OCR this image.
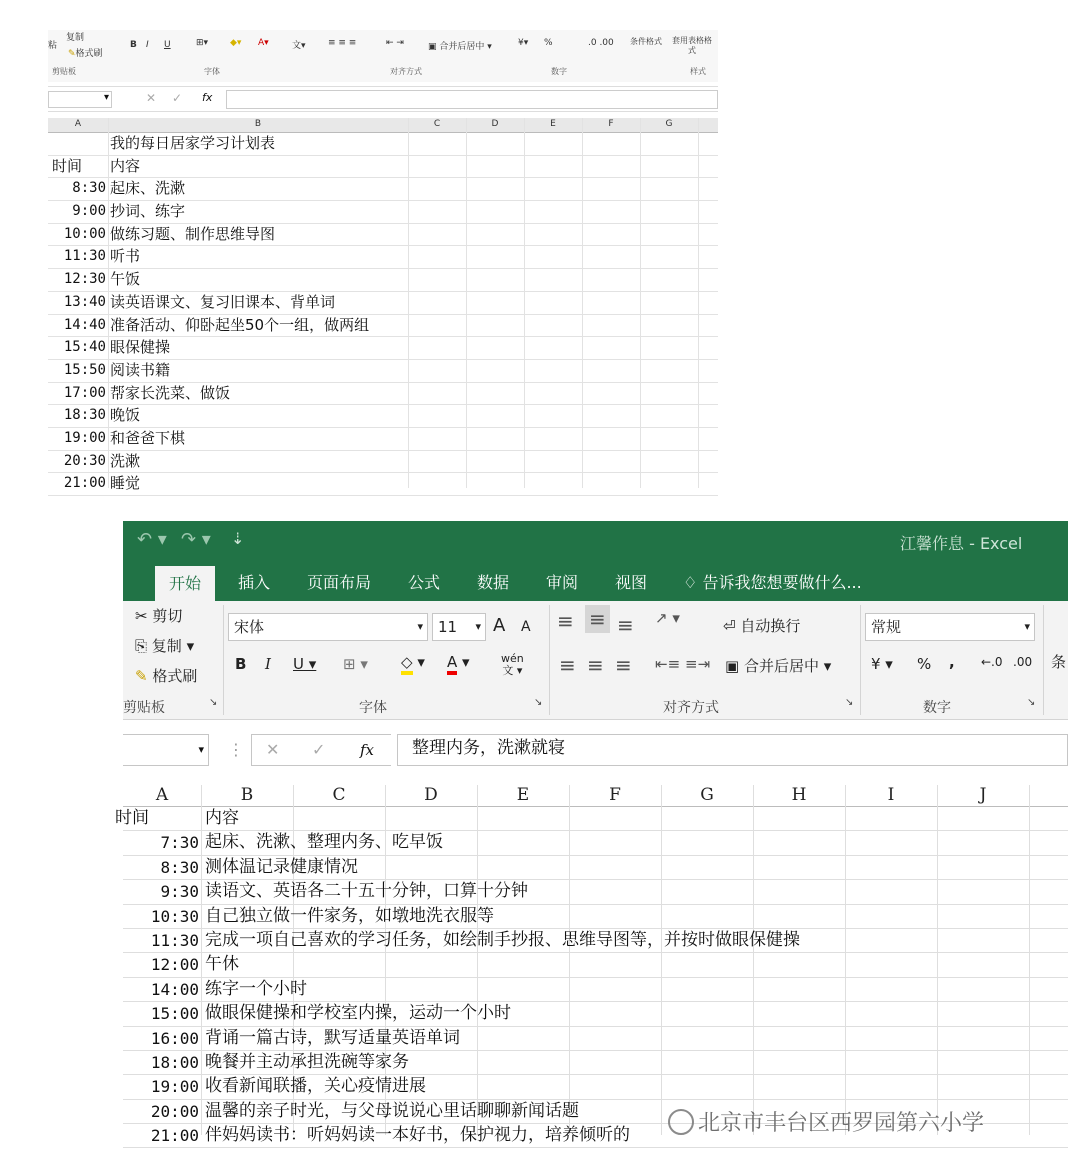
粘
复制
✎格式刷
B I U	⊞▾ ◆▾ A▾	文▾ ≡ ≡ ≡	⇤ ⇥	▣ 合并后居中 ▾	¥▾ %	.0 .00 条件格式 套用表格格式
剪贴板	字体	对齐方式	数字	样式
▾	✕ ✓ fx
A	B	C	D	E	F	G
我的每日居家学习计划表
时间 内容
8:30 起床、洗漱
9:00 抄词、练字
10:00 做练习题、制作思维导图
11:30 听书
12:30 午饭
13:40 读英语课文、复习旧课本、背单词
14:40 准备活动、仰卧起坐50个一组，做两组
15:40 眼保健操
15:50 阅读书籍
17:00 帮家长洗菜、做饭
18:30 晚饭
19:00 和爸爸下棋
20:30 洗漱
21:00 睡觉
↶ ▾ ↷ ▾ ⇣	江馨作息 - Excel
开始	插入 页面布局 公式 数据 审阅 视图 ♢ 告诉我您想要做什么...
✂ 剪切
⎘ 复制 ▾
✎ 格式刷
剪贴板	↘
宋体	▾	11 ▾ A A
B I U ▾ ⊞ ▾ ◇ ▾ A ▾	wén
文 ▾
字体	↘
≡ ≡ ≡ ↗ ▾	⏎ 自动换行
≡ ≡ ≡ ⇤≡ ≡⇥ ▣ 合并后居中 ▾
对齐方式	↘
常规	▾
¥ ▾ % , ←.0 .00
数字	↘
条
▾ ⋮ ✕ ✓ fx	整理内务，洗漱就寝
A	B	C	D	E	F	G	H	I	J
时间	内容
7:30 起床、洗漱、整理内务、吃早饭
8:30 测体温记录健康情况
9:30 读语文、英语各二十五十分钟，口算十分钟
10:30 自己独立做一件家务，如墩地洗衣服等
11:30 完成一项自己喜欢的学习任务，如绘制手抄报、思维导图等，并按时做眼保健操
12:00 午休
14:00 练字一个小时
15:00 做眼保健操和学校室内操，运动一个小时
16:00 背诵一篇古诗，默写适量英语单词
18:00 晚餐并主动承担洗碗等家务
19:00 收看新闻联播，关心疫情进展
20:00 温馨的亲子时光，与父母说说心里话聊聊新闻话题
21:00 伴妈妈读书：听妈妈读一本好书，保护视力，培养倾听的	北京市丰台区西罗园第六小学
